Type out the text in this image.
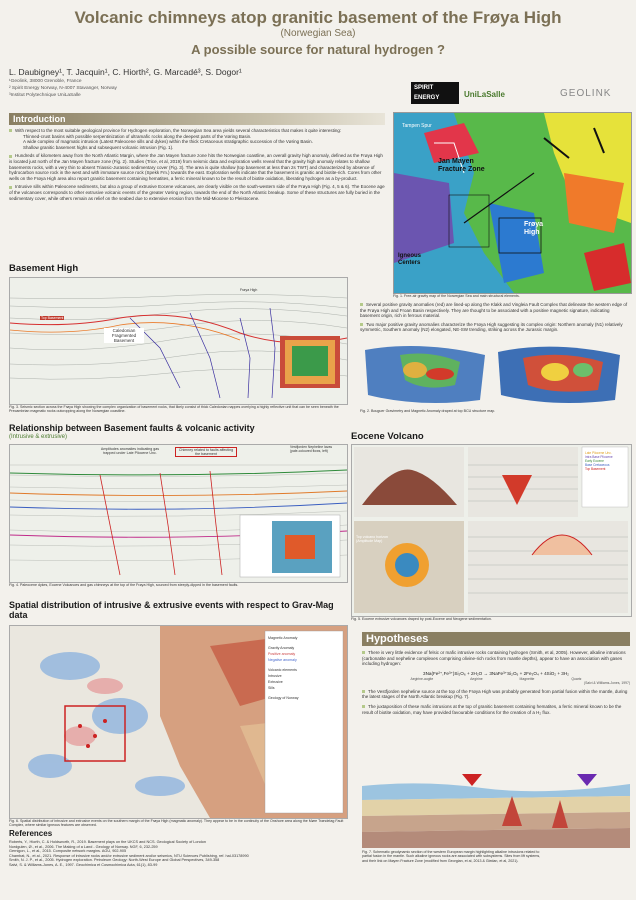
Volcanic chimneys atop granitic basement of the Frøya High
(Norwegian Sea)
A possible source for natural hydrogen ?
L. Daubigney¹, T. Jacquin¹, C. Hiorth², G. Marcadé³, S. Dogor¹
¹Geolink, 38000 Grenoble, France
² Spirit Energy Norway, N-4007 Stavanger, Norway
³Institut Polytechnique UniLaSalle
SPIRIT ENERGY	UniLaSalle	GEOLINK
Introduction
With respect to the most suitable geological province for Hydrogen exploration, the Norwegian Sea area yields several characteristics that makes it quite interesting:
Thinned-crust basins with possible serpentinization of ultramafic rocks along the deepest parts of the Vøring Basin.
A wide complex of magmatic intrusion (Latest Paleocene sills and dykes) within the thick Cretaceous stratigraphic succession of the Vøring Basin.
Shallow granitic basement highs and subsequent volcanic intrusion (Fig. 1).
Hundreds of kilometers away from the North Atlantic Margin, where the Jan Mayen fracture zone hits the Norwegian coastline, an overall gravity high anomaly, defined as the Frøya High is located just north of the Jan Mayen fracture zone (Fig. 2). Studies (Trice, et al, 2019) from seismic data and exploration wells reveal that the gravity high anomaly relates to shallow basements rocks, with a very thin to absent Triassic-Jurassic sedimentary cover (Fig. 3). The area is quite shallow (top basement at less than 2s TWT) and characterized by absence of hydrocarbon source rock in the west and with immature source rock (Spekk Fm.) towards the east. Exploration wells indicate that the basement is granitic and biotite-rich. Cores from other wells on the Frøya High area also report granitic basement containing hematites, a ferric mineral known to be the result of biotite oxidation, liberating hydrogen as a by-product.
Intrusive sills within Paleocene sediments, but also a group of extrusive Eocene volcanoes, are clearly visible on the south-western side of the Frøya High (Fig. 4, 5 & 6). The Eocene age of the volcanoes corresponds to other extrusive volcanic events of the greater Vøring region, towards the end of the North Atlantic breakup. Some of these structures are fully buried in the sedimentary cover, while others remain as relief on the seabed due to extensive erosion from the Mid-Miocene to Pleistocene.
Jan Mayen Fracture Zone
Frøya High
Igneous Centers
Tampen Spur
Fig. 1. Free-air gravity map of the Norwegian Sea and main structural elements.
Basement High
Caledonian Fragmented Basement
Top Basement
Frøya High
Fig. 3. Seismic section across the Frøya High showing the complex organization of basement rocks, that likely consist of thick Caledonian nappes overlying a highly reflective unit that can be seen beneath the Precambrian magmatic rocks outcropping along the Norwegian coastline.
Several positive gravity anomalies (red) are lined-up along the Klakk and Vingleia Fault Complex that delineate the western edge of the Frøya High and Froan Basin respectively. They are thought to be associated with a positive magnetic signature, indicating basement origin, rich in ferrous material.
Two major positive gravity anomalies characterize the Frøya High suggesting its complex origin: Northern anomaly (N1) relatively symmetric, Southern anomaly (N2) elongated, NE-SW trending, striking across the Jurassic margin.
Fig. 2. Bouguer Gravimetry and Magnetic Anomaly draped at top BCU structure map.
Relationship between Basement faults & volcanic activity
(Intrusive & extrusive)
Amplitudes anomalies indicating gas trapped under Late Pliocene Unc.
Chimney related to faults affecting the basement
Vestfjorden Nepheline lavas (pale-coloured flows, left)
Fig. 4. Paleocene dykes, Eocene Volcanoes and gas chimneys at the top of the Frøya High, sourced from steeply-dipped in the basement faults.
Eocene Volcano
Top volcano horizon (Amplitude Map)
Late Pliocene Unc.
Intra Base Pliocene
Early Eocene
Base Cretaceous
Top Basement
Fig. 5. Eocene extrusive volcanoes draped by post-Eocene and Neogene sedimentation.
Spatial distribution of intrusive & extrusive events with respect to Grav-Mag data
Magnetic Anomaly
Gravity Anomaly
Positive anomaly
Negative anomaly
Volcanic elements
Intrusive
Extrusive
Sills
Geology of Norway
Fig. 6. Spatial distribution of intrusive and extrusive events on the southern margin of the Frøya High (magmatic anomaly). They appear to be in the continuity of the Onshore area along the Møre Trøndelag Fault Complex, where similar igneous features are observed.
References
Roberts, Y., Hiorth, C. & Holdsworth, R., 2019. Basement plays on the UKCS and NCS. Geological Society of London
Nordgulen, Ø., et al., 2006. The Making of a Land - Geology of Norway. NGF, 6, 232-259
Gernigon, L., et al., 2015. Composite network margins. AGU, 902-905
Chambat, N., et al., 2021. Response of intrusive rocks and/or extrusive sediment and/or seismics, NTU Sciences Publishing, ref. hal-03178990
Smith, N. J. P., et al., 2005. Hydrogen exploration. Petroleum Geology: North-West Europe and Global Perspectives, 349-358
Salvi, S. & Williams-Jones, A. E., 1997. Geochimica et Cosmochimica Acta, 61(1), 83-99
Hypotheses
There is very little evidence of felsic or mafic intrusive rocks containing hydrogen (Smith, et al, 2005). However, alkaline intrusions (carbonatite and nepheline complexes comprising olivine-rich rocks from mantle depths), appear to have an association with gases including hydrogen:
3Na(Fe²⁺,Fe³⁺)Si₂O₆ + 2H₂O → 3NaFe³⁺Si₂O₆ + 2Fe₃O₄ + 4SiO₂ + 3H₂
Aegirine-augite	Aegirine	Magnetite	Quartz
(Salvi & Williams-Jones, 1997)
The Vestfjorden nepheline source at the top of the Frøya High was probably generated from partial fusion within the mantle, during the latest stages of the North Atlantic breakup (Fig. 7).
The juxtaposition of these mafic intrusions at the top of granitic basement containing hematites, a ferric mineral known to be the result of biotite oxidation, may have provided favourable conditions for the creation of a H₂ flux.
Fig. 7. Schematic geodynamic section of the western European margin highlighting alkaline intrusions related to partial fusion in the mantle. Such alkaline igneous rocks are associated with subsystems. Sites from lift systems, and their link on Møyen Fracture Zone (modified from Georgian, et al, 2013 & Gledan, et al, 2021).
